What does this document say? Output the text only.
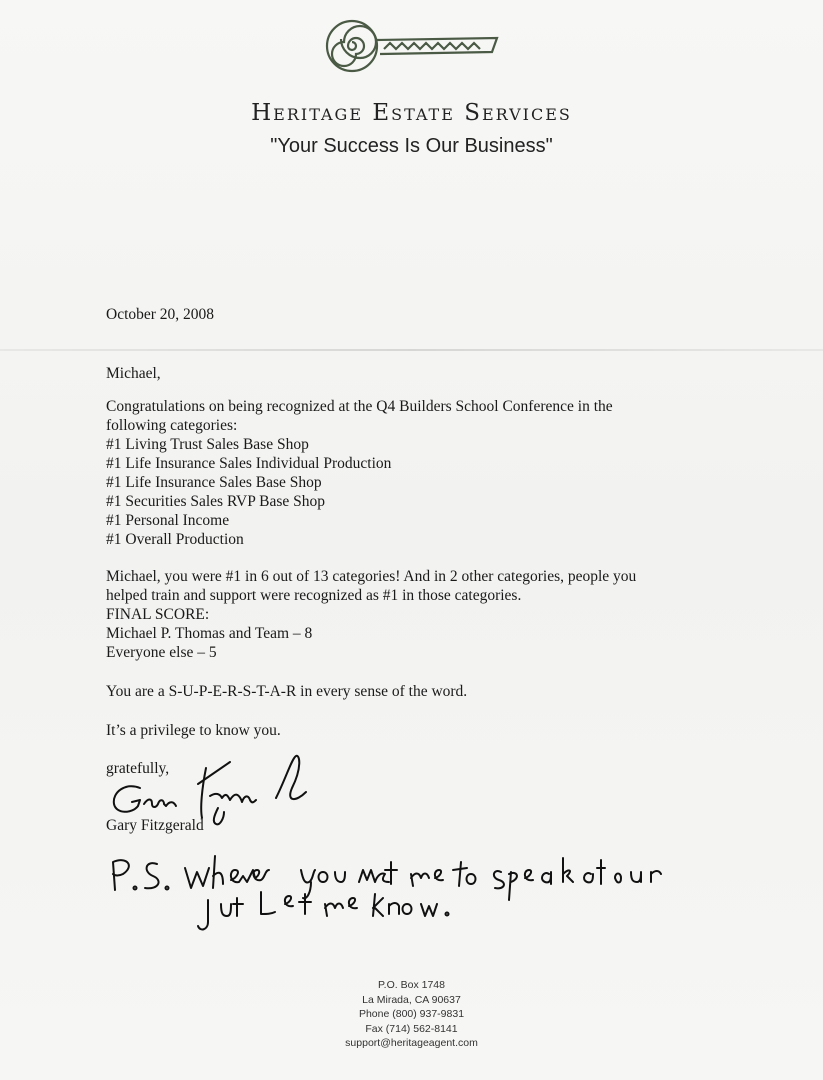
Heritage Estate Services
"Your Success Is Our Business"
October 20, 2008
Michael,
Congratulations on being recognized at the Q4 Builders School Conference in the
following categories:
#1 Living Trust Sales Base Shop
#1 Life Insurance Sales Individual Production
#1 Life Insurance Sales Base Shop
#1 Securities Sales RVP Base Shop
#1 Personal Income
#1 Overall Production
Michael, you were #1 in 6 out of 13 categories! And in 2 other categories, people you
helped train and support were recognized as #1 in those categories.
FINAL SCORE:
Michael P. Thomas and Team – 8
Everyone else – 5
You are a S-U-P-E-R-S-T-A-R in every sense of the word.
It’s a privilege to know you.
gratefully,
Gary Fitzgerald
P.O. Box 1748
La Mirada, CA 90637
Phone (800) 937-9831
Fax (714) 562-8141
support@heritageagent.com
